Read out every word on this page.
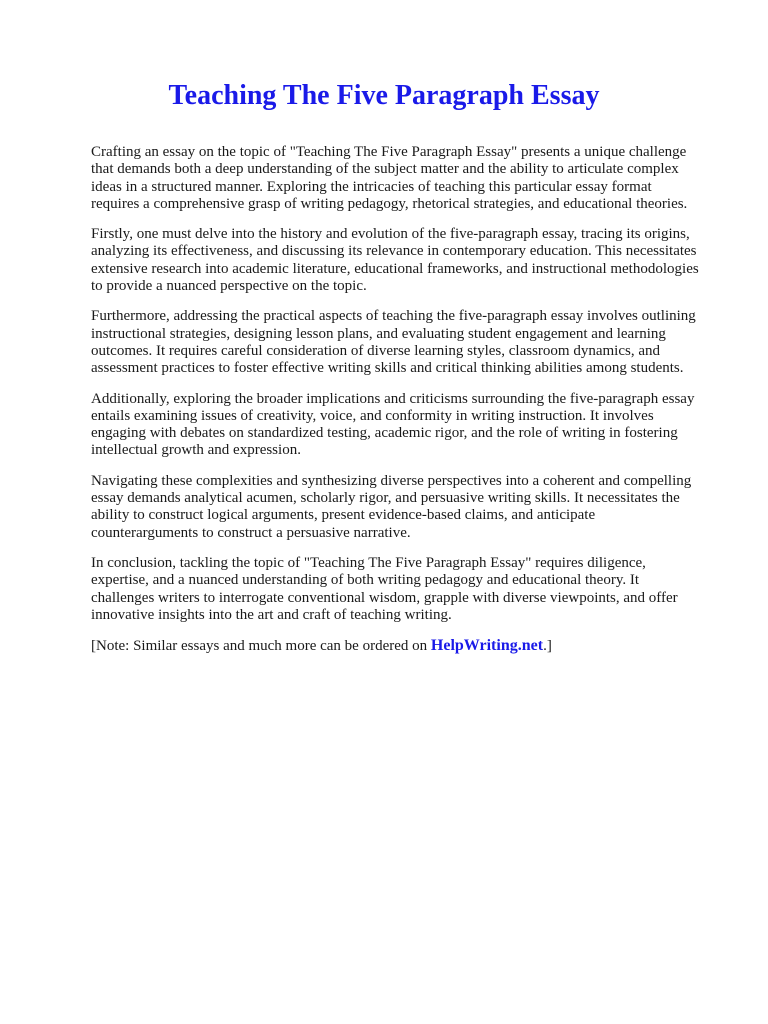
Teaching The Five Paragraph Essay

Crafting an essay on the topic of "Teaching The Five Paragraph Essay" presents a unique challenge that demands both a deep understanding of the subject matter and the ability to articulate complex ideas in a structured manner. Exploring the intricacies of teaching this particular essay format requires a comprehensive grasp of writing pedagogy, rhetorical strategies, and educational theories.

Firstly, one must delve into the history and evolution of the five-paragraph essay, tracing its origins, analyzing its effectiveness, and discussing its relevance in contemporary education. This necessitates extensive research into academic literature, educational frameworks, and instructional methodologies to provide a nuanced perspective on the topic.

Furthermore, addressing the practical aspects of teaching the five-paragraph essay involves outlining instructional strategies, designing lesson plans, and evaluating student engagement and learning outcomes. It requires careful consideration of diverse learning styles, classroom dynamics, and assessment practices to foster effective writing skills and critical thinking abilities among students.

Additionally, exploring the broader implications and criticisms surrounding the five-paragraph essay entails examining issues of creativity, voice, and conformity in writing instruction. It involves engaging with debates on standardized testing, academic rigor, and the role of writing in fostering intellectual growth and expression.

Navigating these complexities and synthesizing diverse perspectives into a coherent and compelling essay demands analytical acumen, scholarly rigor, and persuasive writing skills. It necessitates the ability to construct logical arguments, present evidence-based claims, and anticipate counterarguments to construct a persuasive narrative.

In conclusion, tackling the topic of "Teaching The Five Paragraph Essay" requires diligence, expertise, and a nuanced understanding of both writing pedagogy and educational theory. It challenges writers to interrogate conventional wisdom, grapple with diverse viewpoints, and offer innovative insights into the art and craft of teaching writing.

[Note: Similar essays and much more can be ordered on HelpWriting.net.]
